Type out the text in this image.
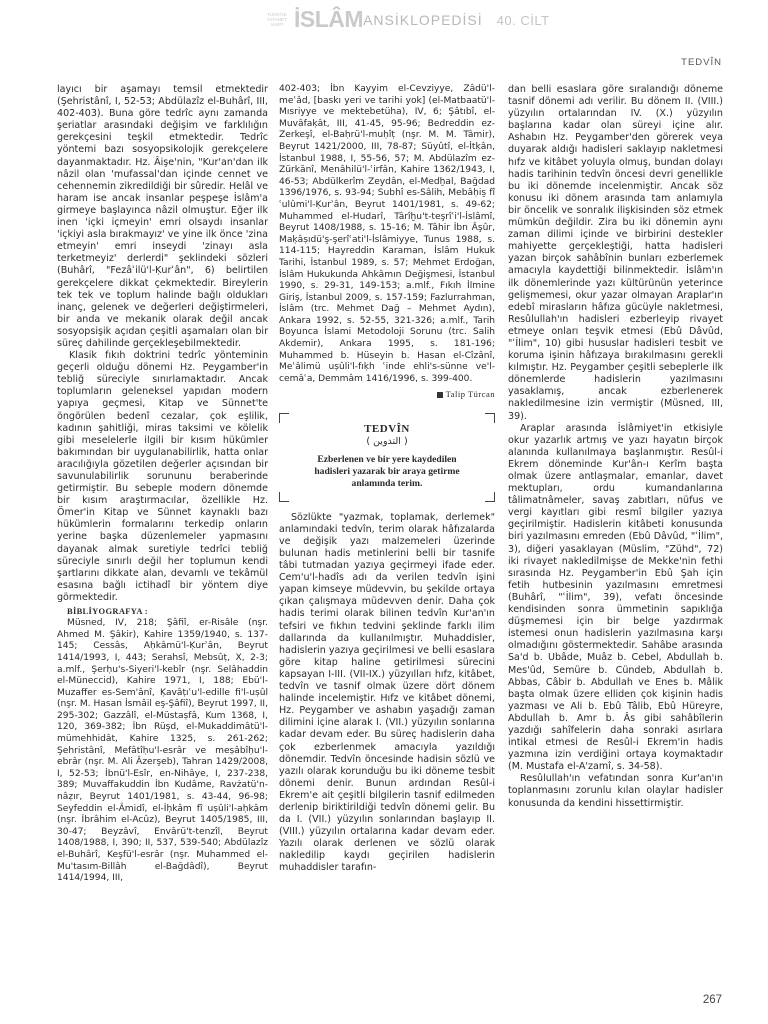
TÜRKİYE DİYANET VAKFI İSLÂM ANSİKLOPEDİSİ 40. CİLT
TEDVÎN

layıcı bir aşamayı temsil etmektedir (Şehristânî, I, 52-53; Abdülazîz el-Buhârî, III, 402-403). Buna göre tedrîc aynı zamanda şeriatlar arasındaki değişim ve farklılığın gerekçesini teşkil etmektedir. Tedrîc yöntemi bazı sosyopsikolojik gerekçelere dayanmaktadır. Hz. Âişe'nin, "Kur'an'dan ilk nâzil olan 'mufassal'dan içinde cennet ve cehennemin zikredildiği bir sûredir. Helâl ve haram ise ancak insanlar peşpeşe İslâm'a girmeye başlayınca nâzil olmuştur. Eğer ilk inen 'içki içmeyin' emri olsaydı insanlar 'içkiyi asla bırakmayız' ve yine ilk önce 'zina etmeyin' emri inseydi 'zinayı asla terketmeyiz' derlerdi" şeklindeki sözleri (Buhârî, "Fezâʾilü'l-Ḳurʾân", 6) belirtilen gerekçelere dikkat çekmektedir. Bireylerin tek tek ve toplum halinde bağlı oldukları inanç, gelenek ve değerleri değiştirmeleri, bir anda ve mekanik olarak değil ancak sosyopsişik açıdan çeşitli aşamaları olan bir süreç dahilinde gerçekleşebilmektedir.

Klasik fıkıh doktrini tedrîc yönteminin geçerli olduğu dönemi Hz. Peygamber'in tebliğ süreciyle sınırlamaktadır. Ancak toplumların geleneksel yapıdan modern yapıya geçmesi, Kitap ve Sünnet'te öngörülen bedenî cezalar, çok eşlilik, kadının şahitliği, miras taksimi ve kölelik gibi meselelerle ilgili bir kısım hükümler bakımından bir uygulanabilirlik, hatta onlar aracılığıyla gözetilen değerler açısından bir savunulabilirlik sorununu beraberinde getirmiştir. Bu sebeple modern dönemde bir kısım araştırmacılar, özellikle Hz. Ömer'in Kitap ve Sünnet kaynaklı bazı hükümlerin formalarını terkedip onların yerine başka düzenlemeler yapmasını dayanak almak suretiyle tedrîci tebliğ süreciyle sınırlı değil her toplumun kendi şartlarını dikkate alan, devamlı ve tekâmül esasına bağlı ictihadî bir yöntem diye görmektedir.

BİBLİYOGRAFYA :

Müsned, IV, 218; Şâfiî, er-Risâle (nşr. Ahmed M. Şâkir), Kahire 1359/1940, s. 137-145; Cessâs, Aḥkâmü'l-Ḳurʾân, Beyrut 1414/1993, I, 443; Serahsî, Mebsûṭ, X, 2-3; a.mlf., Şerḥu's-Siyeri'l-kebîr (nşr. Selâhaddin el-Müneccid), Kahire 1971, I, 188; Ebü'l-Muzaffer es-Sem'ânî, Ḳavâṭıʿu'l-edille fi'l-uṣûl (nşr. M. Hasan İsmâil eş-Şâfiî), Beyrut 1997, II, 295-302; Gazzâlî, el-Müstaṣfâ, Kum 1368, I, 120, 369-382; İbn Rüşd, el-Mukaddimâtü'l-mümehhidât, Kahire 1325, s. 261-262; Şehristânî, Mefâtîḥu'l-esrâr ve meṣâbîḥu'l-ebrâr (nşr. M. Ali Âzerşeb), Tahran 1429/2008, I, 52-53; İbnü'l-Esîr, en-Nihâye, I, 237-238, 389; Muvaffakuddin İbn Kudâme, Ravżatü'n-nâẓır, Beyrut 1401/1981, s. 43-44, 96-98; Seyfeddin el-Âmidî, el-İḥkâm fî uṣûli'l-aḥkâm (nşr. İbrâhim el-Acûz), Beyrut 1405/1985, III, 30-47; Beyzâvî, Envârü't-tenzîl, Beyrut 1408/1988, I, 390; II, 537, 539-540; Abdülazîz el-Buhârî, Keşfü'l-esrâr (nşr. Muhammed el-Mu'tasım-Billâh el-Bağdâdî), Beyrut 1414/1994, III,

402-403; İbn Kayyim el-Cevziyye, Zâdü'l-meʿâd, [baskı yeri ve tarihi yok] (el-Matbaatü'l-Mısriyye ve mektebetüha), IV, 6; Şâtıbî, el-Muvâfaḳât, III, 41-45, 95-96; Bedreddin ez-Zerkeşî, el-Baḥrü'l-muḥîṭ (nşr. M. M. Tâmir), Beyrut 1421/2000, III, 78-87; Süyûtî, el-İtḳân, İstanbul 1988, I, 55-56, 57; M. Abdülazîm ez-Zürkānî, Menâhilü'l-ʿirfân, Kahire 1362/1943, I, 46-53; Abdülkerîm Zeydân, el-Medḫal, Bağdad 1396/1976, s. 93-94; Subhî es-Sâlih, Mebâḥis̱ fî ʿulûmi'l-Ḳurʾân, Beyrut 1401/1981, s. 49-62; Muhammed el-Hudarî, Târîḫu't-teşrîʿi'l-İslâmî, Beyrut 1408/1988, s. 15-16; M. Tâhir İbn Âşûr, Maḳâṣıdü'ş-şerîʿati'l-İslâmiyye, Tunus 1988, s. 114-115; Hayreddin Karaman, İslâm Hukuk Tarihi, İstanbul 1989, s. 57; Mehmet Erdoğan, İslâm Hukukunda Ahkâmın Değişmesi, İstanbul 1990, s. 29-31, 149-153; a.mlf., Fıkıh İlmine Giriş, İstanbul 2009, s. 157-159; Fazlurrahman, İslâm (trc. Mehmet Dağ – Mehmet Aydın), Ankara 1992, s. 52-55, 321-326; a.mlf., Tarih Boyunca İslami Metodoloji Sorunu (trc. Salih Akdemir), Ankara 1995, s. 181-196; Muhammed b. Hüseyin b. Hasan el-Cîzânî, Meʿâlimü uṣûli'l-fıḳh ʿinde ehli's-sünne ve'l-cemâʿa, Demmâm 1416/1996, s. 399-400.

Talip Türcan
TEDVÎN
( التدوين )
Ezberlenen ve bir yere kaydedilen hadisleri yazarak bir araya getirme anlamında terim.

Sözlükte "yazmak, toplamak, derlemek" anlamındaki tedvîn, terim olarak hâfızalarda ve değişik yazı malzemeleri üzerinde bulunan hadis metinlerini belli bir tasnife tâbi tutmadan yazıya geçirmeyi ifade eder. Cem'u'l-hadîs adı da verilen tedvîn işini yapan kimseye müdevvin, bu şekilde ortaya çıkan çalışmaya müdevven denir. Daha çok hadis terimi olarak bilinen tedvîn Kur'an'ın tefsiri ve fıkhın tedvini şeklinde farklı ilim dallarında da kullanılmıştır. Muhaddisler, hadislerin yazıya geçirilmesi ve belli esaslara göre kitap haline getirilmesi sürecini kapsayan I-III. (VII-IX.) yüzyılları hıfz, kitâbet, tedvîn ve tasnif olmak üzere dört dönem halinde incelemiştir. Hıfz ve kitâbet dönemi, Hz. Peygamber ve ashabın yaşadığı zaman dilimini içine alarak I. (VII.) yüzyılın sonlarına kadar devam eder. Bu süreç hadislerin daha çok ezberlenmek amacıyla yazıldığı dönemdir. Tedvîn öncesinde hadisin sözlü ve yazılı olarak korunduğu bu iki döneme tesbit dönemi denir. Bunun ardından Resûl-i Ekrem'e ait çeşitli bilgilerin tasnif edilmeden derlenip biriktirildiği tedvîn dönemi gelir. Bu da I. (VII.) yüzyılın sonlarından başlayıp II. (VIII.) yüzyılın ortalarına kadar devam eder. Yazılı olarak derlenen ve sözlü olarak nakledilip kaydı geçirilen hadislerin muhaddisler tarafın-

dan belli esaslara göre sıralandığı döneme tasnif dönemi adı verilir. Bu dönem II. (VIII.) yüzyılın ortalarından IV. (X.) yüzyılın başlarına kadar olan süreyi içine alır. Ashabın Hz. Peygamber'den görerek veya duyarak aldığı hadisleri saklayıp nakletmesi hıfz ve kitâbet yoluyla olmuş, bundan dolayı hadis tarihinin tedvîn öncesi devri genellikle bu iki dönemde incelenmiştir. Ancak söz konusu iki dönem arasında tam anlamıyla bir öncelik ve sonralık ilişkisinden söz etmek mümkün değildir. Zira bu iki dönemin aynı zaman dilimi içinde ve birbirini destekler mahiyette gerçekleştiği, hatta hadisleri yazan birçok sahâbînin bunları ezberlemek amacıyla kaydettiği bilinmektedir. İslâm'ın ilk dönemlerinde yazı kültürünün yeterince gelişmemesi, okur yazar olmayan Araplar'ın edebî mirasların hâfıza gücüyle nakletmesi, Resûlullah'ın hadisleri ezberleyip rivayet etmeye onları teşvik etmesi (Ebû Dâvûd, "ʿİlim", 10) gibi hususlar hadisleri tesbit ve koruma işinin hâfızaya bırakılmasını gerekli kılmıştır. Hz. Peygamber çeşitli sebeplerle ilk dönemlerde hadislerin yazılmasını yasaklamış, ancak ezberlenerek nakledilmesine izin vermiştir (Müsned, III, 39).

Araplar arasında İslâmiyet'in etkisiyle okur yazarlık artmış ve yazı hayatın birçok alanında kullanılmaya başlanmıştır. Resûl-i Ekrem döneminde Kur'ân-ı Kerîm başta olmak üzere antlaşmalar, emanlar, davet mektupları, ordu kumandanlarına tâlimatnâmeler, savaş zabıtları, nüfus ve vergi kayıtları gibi resmî bilgiler yazıya geçirilmiştir. Hadislerin kitâbeti konusunda biri yazılmasını emreden (Ebû Dâvûd, "ʿİlim", 3), diğeri yasaklayan (Müslim, "Zühd", 72) iki rivayet nakledilmişse de Mekke'nin fethi sırasında Hz. Peygamber'in Ebû Şah için fetih hutbesinin yazılmasını emretmesi (Buhârî, "ʿİlim", 39), vefatı öncesinde kendisinden sonra ümmetinin sapıklığa düşmemesi için bir belge yazdırmak istemesi onun hadislerin yazılmasına karşı olmadığını göstermektedir. Sahâbe arasında Sa'd b. Ubâde, Muâz b. Cebel, Abdullah b. Mes'ûd, Semüre b. Cündeb, Abdullah b. Abbas, Câbir b. Abdullah ve Enes b. Mâlik başta olmak üzere elliden çok kişinin hadis yazması ve Ali b. Ebû Tâlib, Ebû Hüreyre, Abdullah b. Amr b. Âs gibi sahâbîlerin yazdığı sahîfelerin daha sonraki asırlara intikal etmesi de Resûl-i Ekrem'in hadis yazmına izin verdiğini ortaya koymaktadır (M. Mustafa el-A'zamî, s. 34-58).

Resûlullah'ın vefatından sonra Kur'an'ın toplanmasını zorunlu kılan olaylar hadisler konusunda da kendini hissettirmiştir.

267
